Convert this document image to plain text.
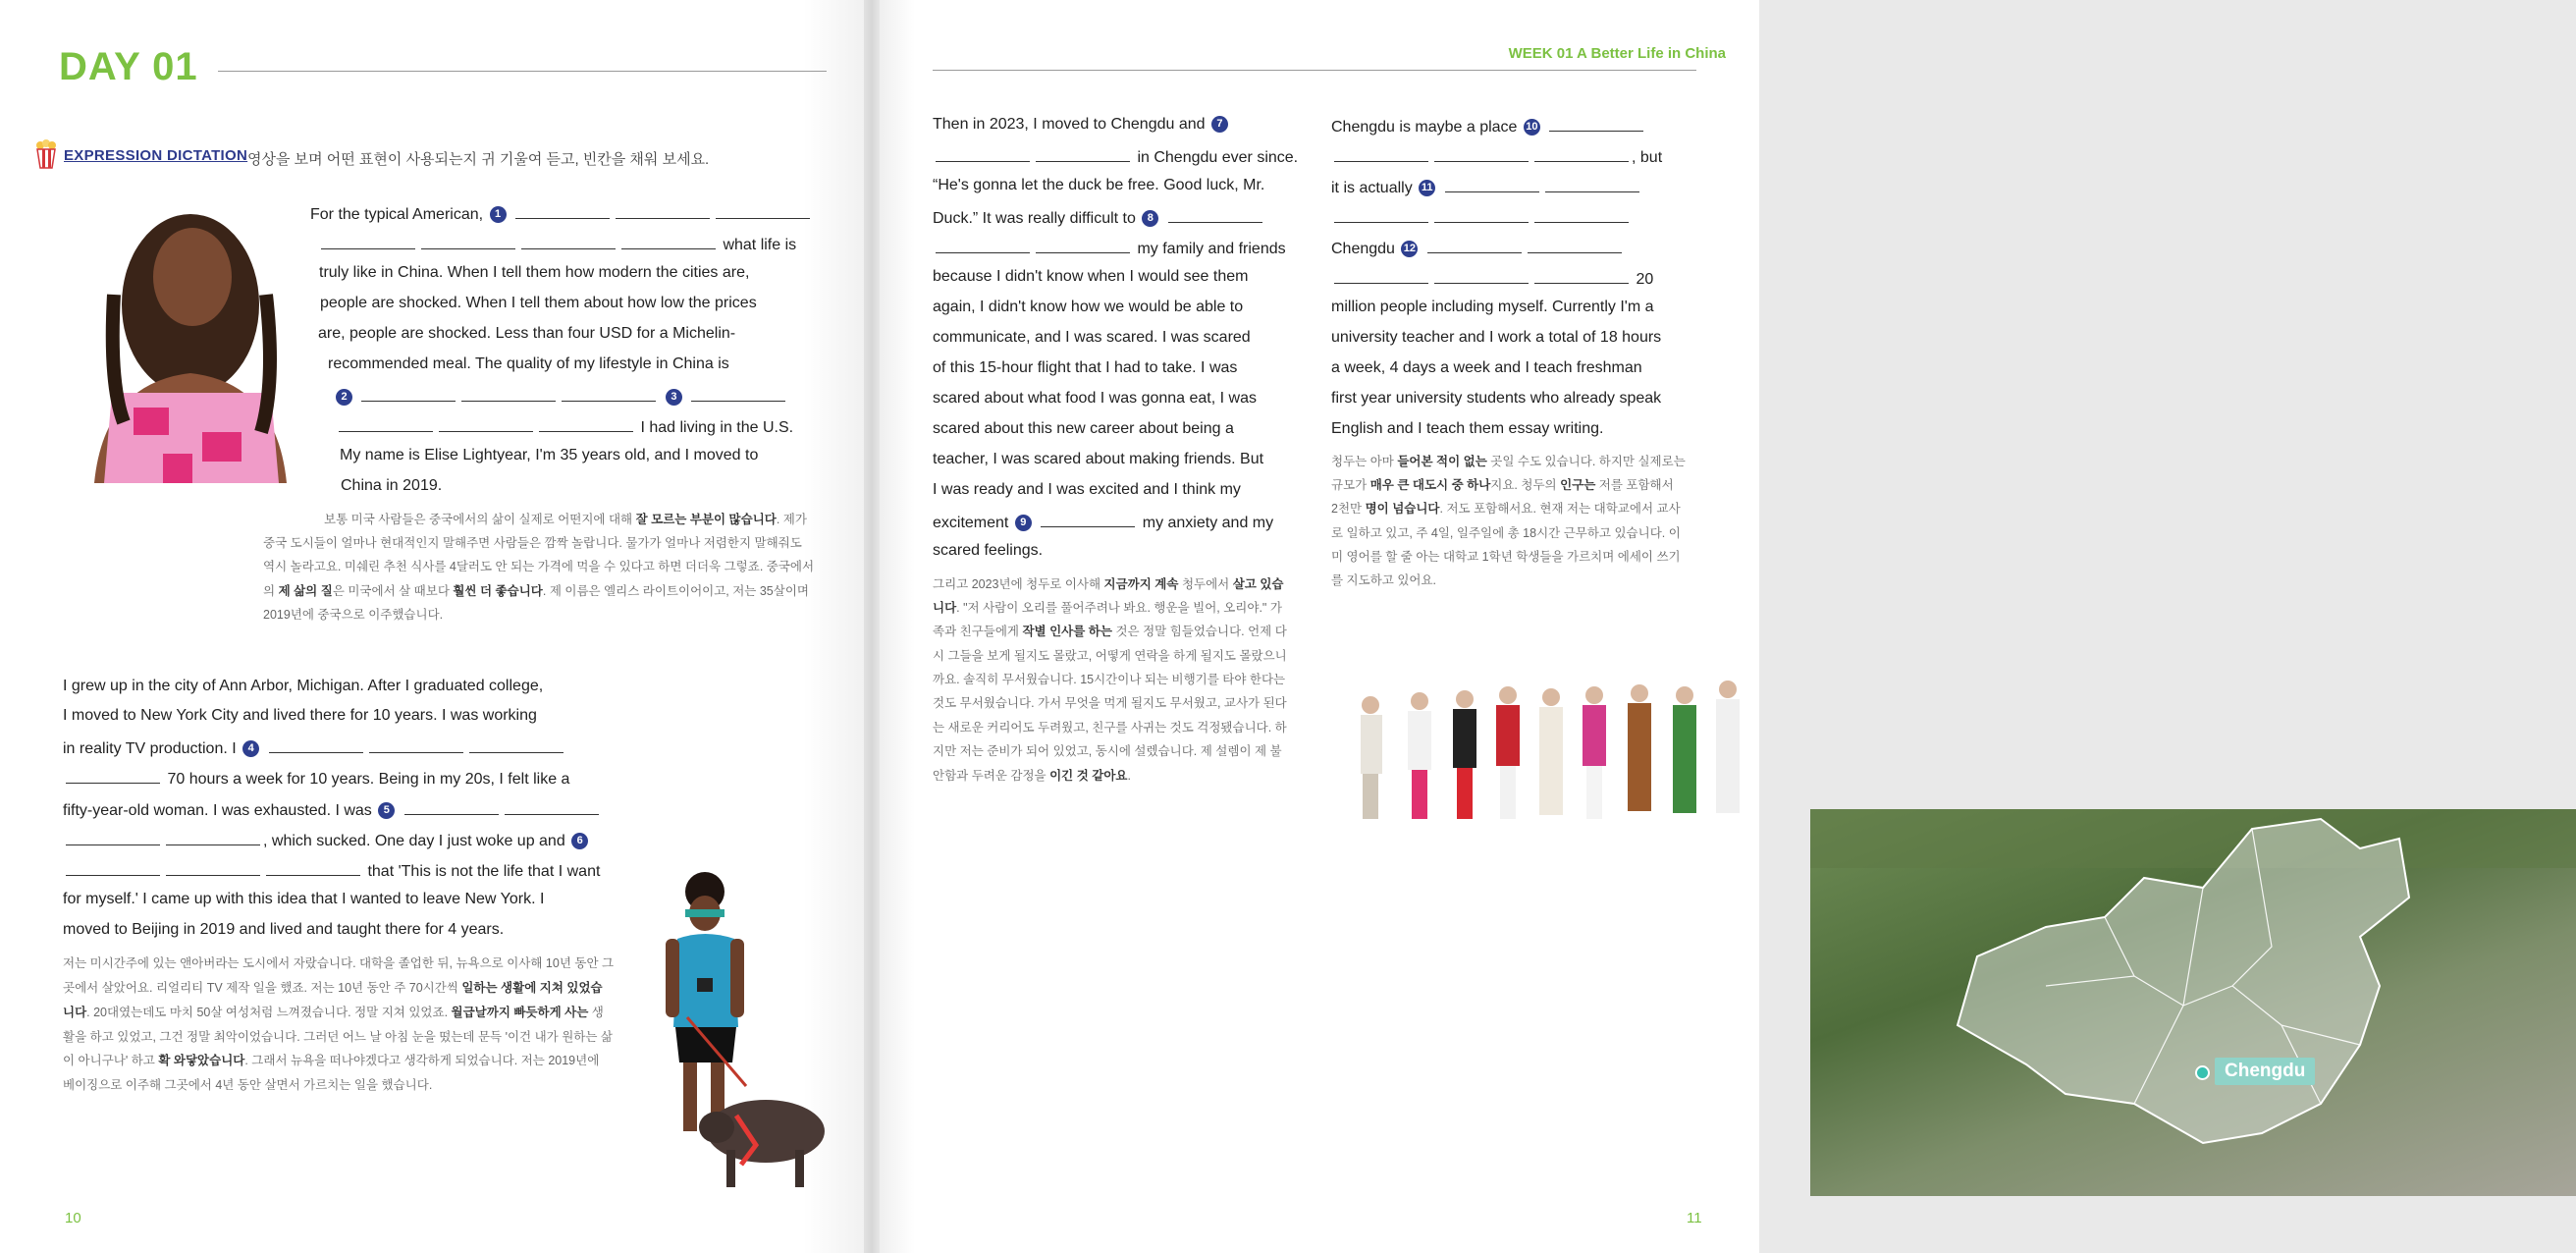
DAY 01
EXPRESSION DICTATION 영상을 보며 어떤 표현이 사용되는지 귀 기울여 듣고, 빈칸을 채워 보세요.
For the typical American, 1
what life is
truly like in China. When I tell them how modern the cities are,
people are shocked. When I tell them about how low the prices
are, people are shocked. Less than four USD for a Michelin-
recommended meal. The quality of my lifestyle in China is
2	3
I had living in the U.S.
My name is Elise Lightyear, I'm 35 years old, and I moved to
China in 2019.
보통 미국 사람들은 중국에서의 삶이 실제로 어떤지에 대해 잘 모르는 부분이 많습니다. 제가
중국 도시들이 얼마나 현대적인지 말해주면 사람들은 깜짝 놀랍니다. 물가가 얼마나 저렴한지 말해줘도
역시 놀라고요. 미쉐린 추천 식사를 4달러도 안 되는 가격에 먹을 수 있다고 하면 더더욱 그렇죠. 중국에서
의 제 삶의 질은 미국에서 살 때보다 훨씬 더 좋습니다. 제 이름은 엘리스 라이트이어이고, 저는 35살이며
2019년에 중국으로 이주했습니다.
I grew up in the city of Ann Arbor, Michigan. After I graduated college,
I moved to New York City and lived there for 10 years. I was working
in reality TV production. I 4
70 hours a week for 10 years. Being in my 20s, I felt like a
fifty-year-old woman. I was exhausted. I was 5
, which sucked. One day I just woke up and 6
that 'This is not the life that I want
for myself.' I came up with this idea that I wanted to leave New York. I
moved to Beijing in 2019 and lived and taught there for 4 years.
저는 미시간주에 있는 앤아버라는 도시에서 자랐습니다. 대학을 졸업한 뒤, 뉴욕으로 이사해 10년 동안 그
곳에서 살았어요. 리얼리티 TV 제작 일을 했죠. 저는 10년 동안 주 70시간씩 일하는 생활에 지쳐 있었습
니다. 20대였는데도 마치 50살 여성처럼 느껴졌습니다. 정말 지쳐 있었죠. 월급날까지 빠듯하게 사는 생
활을 하고 있었고, 그건 정말 최악이었습니다. 그러던 어느 날 아침 눈을 떴는데 문득 '이건 내가 원하는 삶
이 아니구나' 하고 확 와닿았습니다. 그래서 뉴욕을 떠나야겠다고 생각하게 되었습니다. 저는 2019년에
베이징으로 이주해 그곳에서 4년 동안 살면서 가르치는 일을 했습니다.
10
WEEK 01 A Better Life in China
Then in 2023, I moved to Chengdu and 7
in Chengdu ever since.
“He's gonna let the duck be free. Good luck, Mr.
Duck.” It was really difficult to 8
my family and friends
because I didn't know when I would see them
again, I didn't know how we would be able to
communicate, and I was scared. I was scared
of this 15-hour flight that I had to take. I was
scared about what food I was gonna eat, I was
scared about this new career about being a
teacher, I was scared about making friends. But
I was ready and I was excited and I think my
excitement 9	my anxiety and my
scared feelings.
그리고 2023년에 청두로 이사해 지금까지 계속 청두에서 살고 있습
니다. "저 사람이 오리를 풀어주려나 봐요. 행운을 빌어, 오리야." 가
족과 친구들에게 작별 인사를 하는 것은 정말 힘들었습니다. 언제 다
시 그들을 보게 될지도 몰랐고, 어떻게 연락을 하게 될지도 몰랐으니
까요. 솔직히 무서웠습니다. 15시간이나 되는 비행기를 타야 한다는
것도 무서웠습니다. 가서 무엇을 먹게 될지도 무서웠고, 교사가 된다
는 새로운 커리어도 두려웠고, 친구를 사귀는 것도 걱정됐습니다. 하
지만 저는 준비가 되어 있었고, 동시에 설렜습니다. 제 설렘이 제 불
안함과 두려운 감정을 이긴 것 같아요.
Chengdu is maybe a place 10
, but
it is actually 11
Chengdu 12
20
million people including myself. Currently I'm a
university teacher and I work a total of 18 hours
a week, 4 days a week and I teach freshman
first year university students who already speak
English and I teach them essay writing.
청두는 아마 들어본 적이 없는 곳일 수도 있습니다. 하지만 실제로는
규모가 매우 큰 대도시 중 하나지요. 청두의 인구는 저를 포함해서
2천만 명이 넘습니다. 저도 포함해서요. 현재 저는 대학교에서 교사
로 일하고 있고, 주 4일, 일주일에 총 18시간 근무하고 있습니다. 이
미 영어를 할 줄 아는 대학교 1학년 학생들을 가르치며 에세이 쓰기
를 지도하고 있어요.
Chengdu
11
